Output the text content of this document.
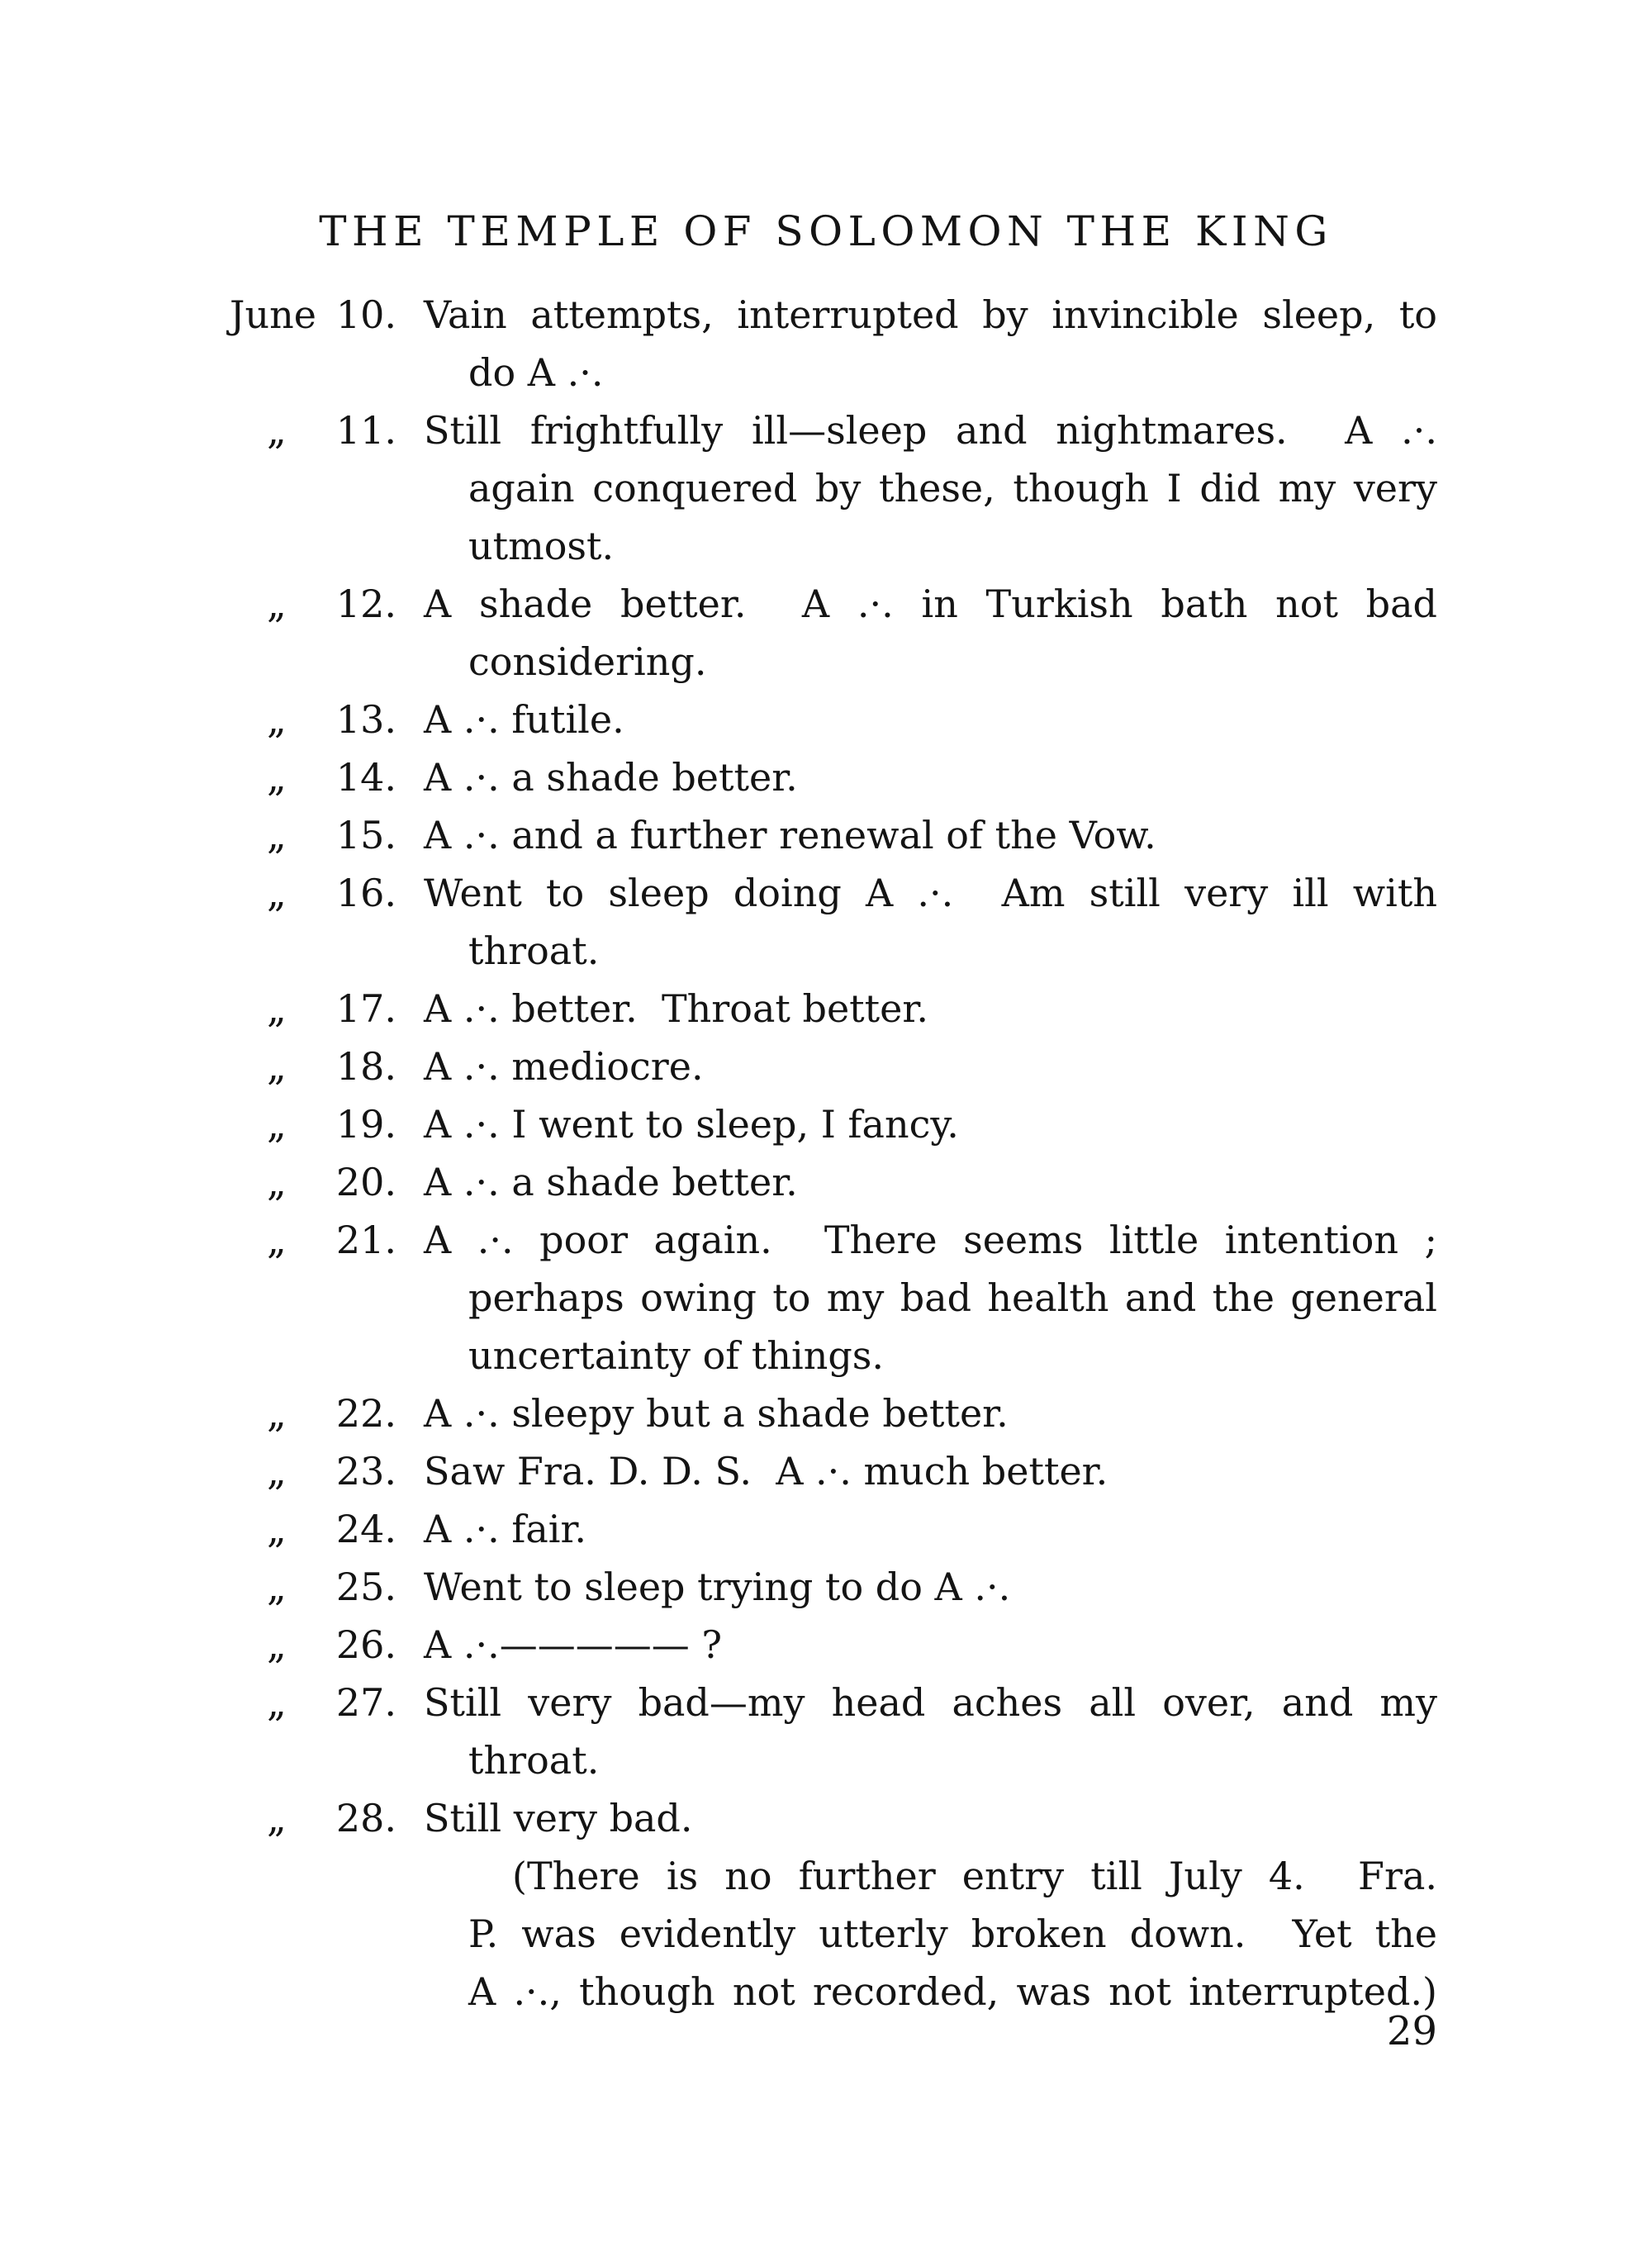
THE TEMPLE OF SOLOMON THE KING
June 10. Vain attempts, interrupted by invincible sleep, to
do A .·.
„	11. Still frightfully ill—sleep and nightmares.  A .·.
again conquered by these, though I did my very
utmost.
„	12. A shade better.  A .·. in Turkish bath not bad
considering.
„	13. A .·. futile.
„	14. A .·. a shade better.
„	15. A .·. and a further renewal of the Vow.
„	16. Went to sleep doing A .·.  Am still very ill with
throat.
„	17. A .·. better.  Throat better.
„	18. A .·. mediocre.
„	19. A .·. I went to sleep, I fancy.
„	20. A .·. a shade better.
„	21. A .·. poor again.  There seems little intention ;
perhaps owing to my bad health and the general
uncertainty of things.
„	22. A .·. sleepy but a shade better.
„	23. Saw Fra. D. D. S.  A .·. much better.
„	24. A .·. fair.
„	25. Went to sleep trying to do A .·.
„	26. A .·.————— ?
„	27. Still very bad—my head aches all over, and my
throat.
„	28. Still very bad.
(There is no further entry till July 4.  Fra.
P. was evidently utterly broken down.  Yet the
A .·., though not recorded, was not interrupted.)
29
